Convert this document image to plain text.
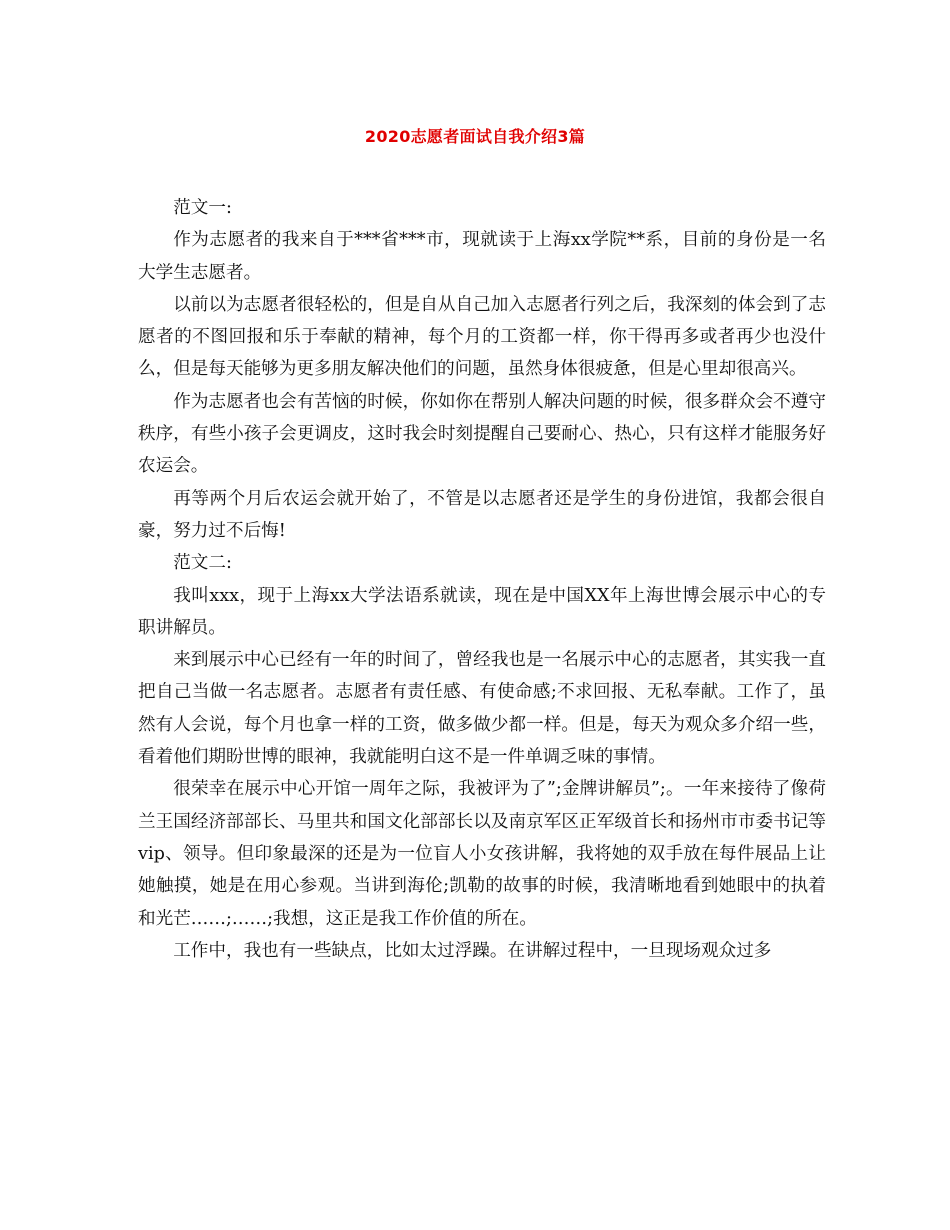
2020志愿者面试自我介绍3篇

范文一:

作为志愿者的我来自于***省***市，现就读于上海xx学院**系，目前的身份是一名大学生志愿者。

以前以为志愿者很轻松的，但是自从自己加入志愿者行列之后，我深刻的体会到了志愿者的不图回报和乐于奉献的精神，每个月的工资都一样，你干得再多或者再少也没什么，但是每天能够为更多朋友解决他们的问题，虽然身体很疲惫，但是心里却很高兴。

作为志愿者也会有苦恼的时候，你如你在帮别人解决问题的时候，很多群众会不遵守秩序，有些小孩子会更调皮，这时我会时刻提醒自己要耐心、热心，只有这样才能服务好农运会。

再等两个月后农运会就开始了，不管是以志愿者还是学生的身份进馆，我都会很自豪，努力过不后悔!

范文二:

我叫xxx，现于上海xx大学法语系就读，现在是中国XX年上海世博会展示中心的专职讲解员。

来到展示中心已经有一年的时间了，曾经我也是一名展示中心的志愿者，其实我一直把自己当做一名志愿者。志愿者有责任感、有使命感;不求回报、无私奉献。工作了，虽然有人会说，每个月也拿一样的工资，做多做少都一样。但是，每天为观众多介绍一些，看着他们期盼世博的眼神，我就能明白这不是一件单调乏味的事情。

很荣幸在展示中心开馆一周年之际，我被评为了”;金牌讲解员”;。一年来接待了像荷兰王国经济部部长、马里共和国文化部部长以及南京军区正军级首长和扬州市市委书记等vip、领导。但印象最深的还是为一位盲人小女孩讲解，我将她的双手放在每件展品上让她触摸，她是在用心参观。当讲到海伦;凯勒的故事的时候，我清晰地看到她眼中的执着和光芒……;……;我想，这正是我工作价值的所在。

工作中，我也有一些缺点，比如太过浮躁。在讲解过程中，一旦现场观众过多
